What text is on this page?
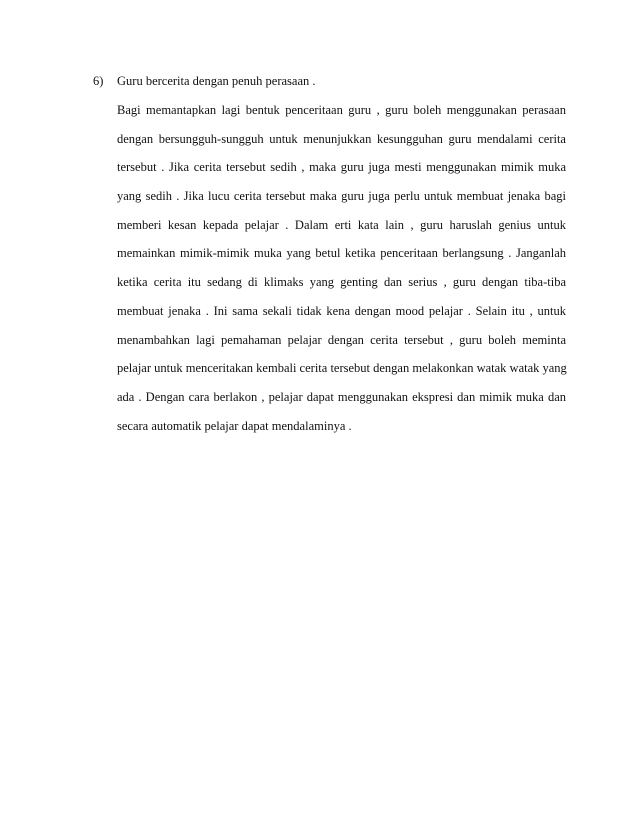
6) Guru bercerita dengan penuh perasaan .
Bagi memantapkan lagi bentuk penceritaan guru , guru boleh menggunakan perasaan
dengan bersungguh-sungguh untuk menunjukkan kesungguhan guru mendalami cerita
tersebut . Jika cerita tersebut sedih , maka guru juga mesti menggunakan mimik muka
yang sedih . Jika lucu cerita tersebut maka guru juga perlu untuk membuat jenaka bagi
memberi kesan kepada pelajar . Dalam erti kata lain , guru haruslah genius untuk
memainkan mimik-mimik muka yang betul ketika penceritaan berlangsung . Janganlah
ketika cerita itu sedang di klimaks yang genting dan serius , guru dengan tiba-tiba
membuat jenaka . Ini sama sekali tidak kena dengan mood pelajar . Selain itu , untuk
menambahkan lagi pemahaman pelajar dengan cerita tersebut , guru boleh meminta
pelajar untuk menceritakan kembali cerita tersebut dengan melakonkan watak watak yang
ada . Dengan cara berlakon , pelajar dapat menggunakan ekspresi dan mimik muka dan
secara automatik pelajar dapat mendalaminya .
